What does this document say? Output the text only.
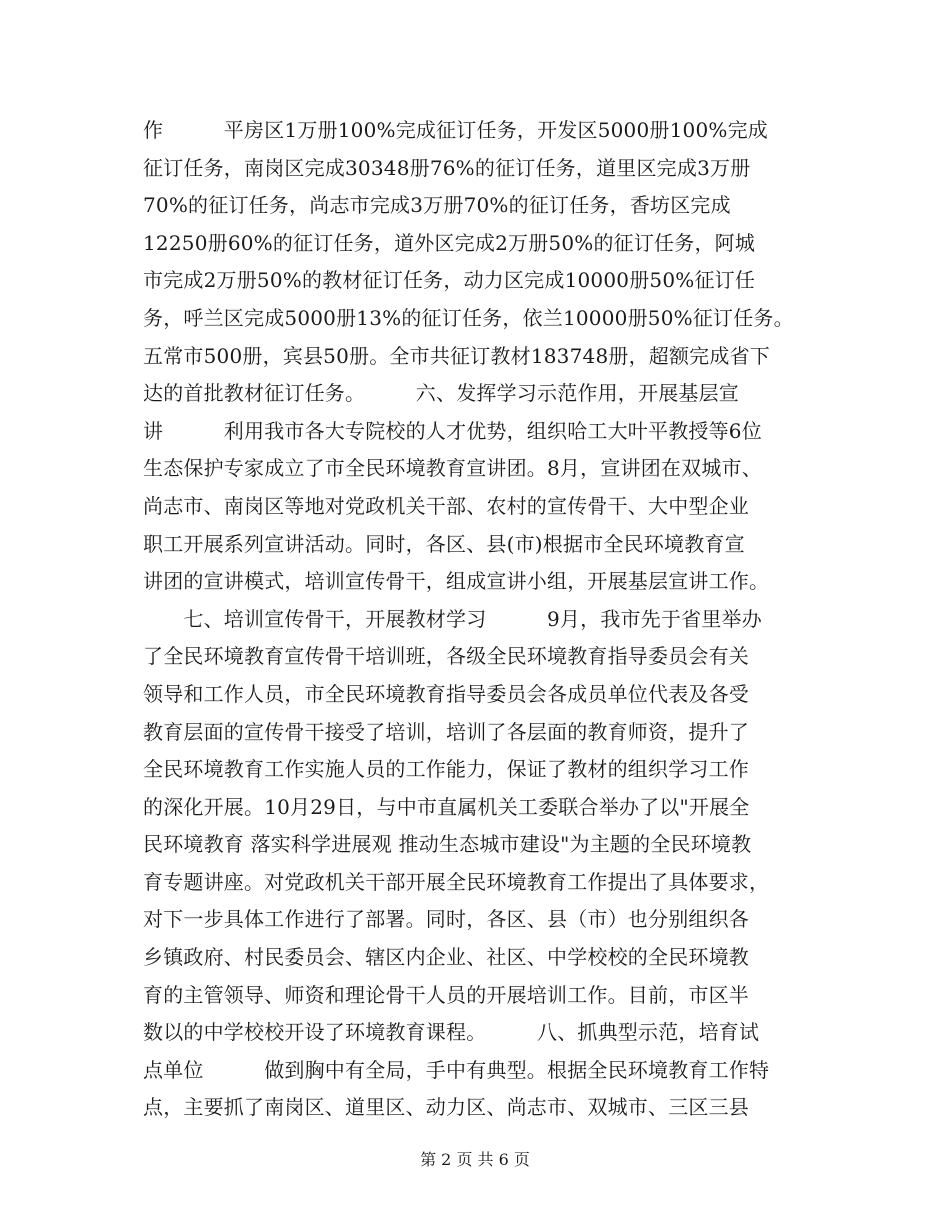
作　　　平房区1万册100%完成征订任务，开发区5000册100%完成
征订任务，南岗区完成30348册76%的征订任务，道里区完成3万册
70%的征订任务，尚志市完成3万册70%的征订任务，香坊区完成
12250册60%的征订任务，道外区完成2万册50%的征订任务，阿城
市完成2万册50%的教材征订任务，动力区完成10000册50%征订任
务，呼兰区完成5000册13%的征订任务，依兰10000册50%征订任务。
五常市500册，宾县50册。全市共征订教材183748册，超额完成省下
达的首批教材征订任务。　　　六、发挥学习示范作用，开展基层宣
讲　　　利用我市各大专院校的人才优势，组织哈工大叶平教授等6位
生态保护专家成立了市全民环境教育宣讲团。8月，宣讲团在双城市、
尚志市、南岗区等地对党政机关干部、农村的宣传骨干、大中型企业
职工开展系列宣讲活动。同时，各区、县(市)根据市全民环境教育宣
讲团的宣讲模式，培训宣传骨干，组成宣讲小组，开展基层宣讲工作。
　　七、培训宣传骨干，开展教材学习　　　9月，我市先于省里举办
了全民环境教育宣传骨干培训班，各级全民环境教育指导委员会有关
领导和工作人员，市全民环境教育指导委员会各成员单位代表及各受
教育层面的宣传骨干接受了培训，培训了各层面的教育师资，提升了
全民环境教育工作实施人员的工作能力，保证了教材的组织学习工作
的深化开展。10月29日，与中市直属机关工委联合举办了以"开展全
民环境教育 落实科学进展观 推动生态城市建设"为主题的全民环境教
育专题讲座。对党政机关干部开展全民环境教育工作提出了具体要求，
对下一步具体工作进行了部署。同时，各区、县（市）也分别组织各
乡镇政府、村民委员会、辖区内企业、社区、中学校校的全民环境教
育的主管领导、师资和理论骨干人员的开展培训工作。目前，市区半
数以的中学校校开设了环境教育课程。　　　八、抓典型示范，培育试
点单位　　　做到胸中有全局，手中有典型。根据全民环境教育工作特
点，主要抓了南岗区、道里区、动力区、尚志市、双城市、三区三县
第 2 页 共 6 页
